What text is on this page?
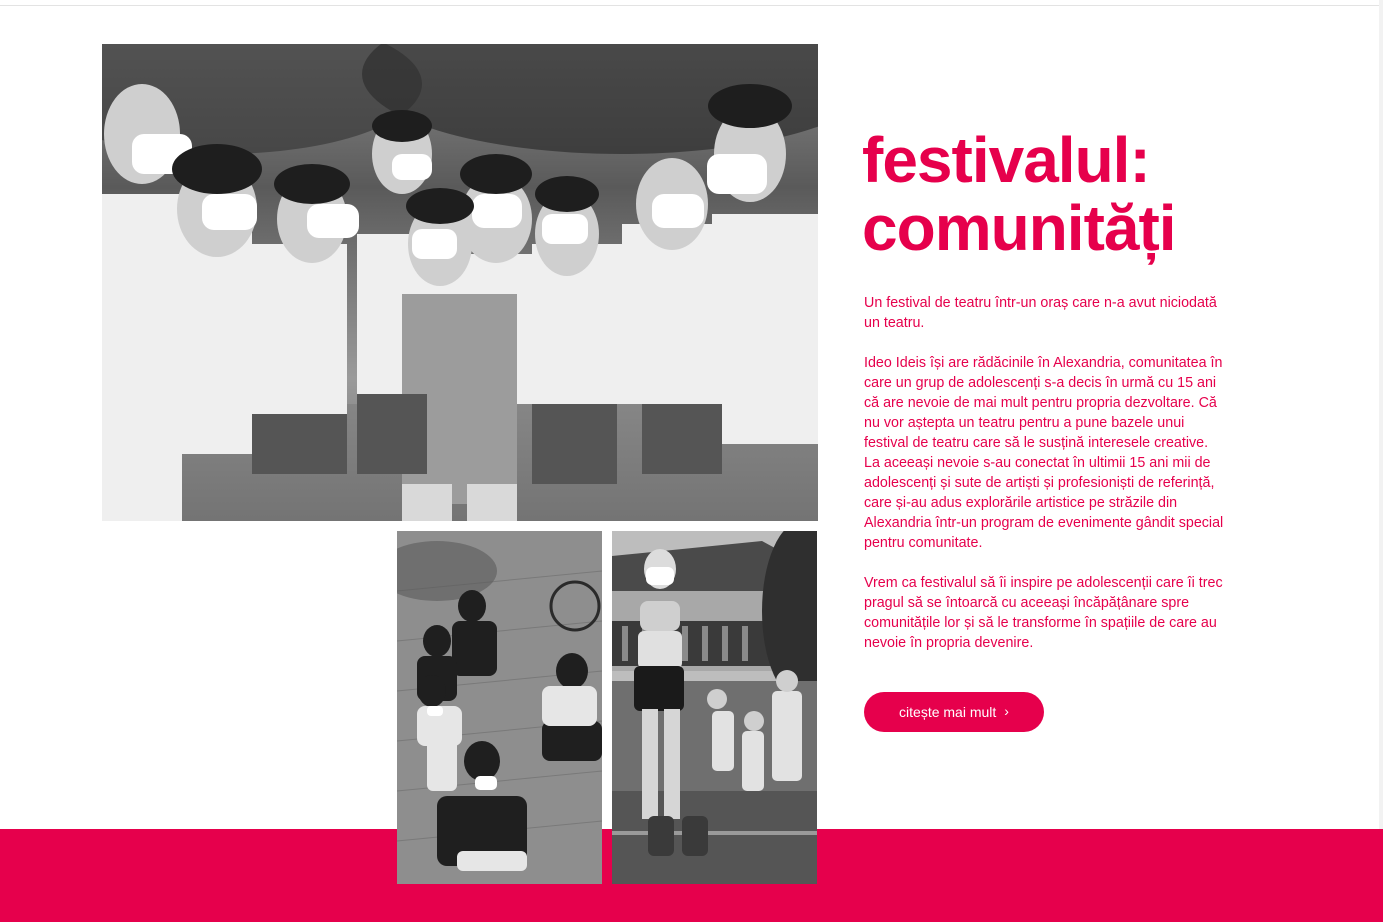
festivalul:
comunități

Un festival de teatru într-un oraș care n-a avut niciodată un teatru.

Ideo Ideis își are rădăcinile în Alexandria, comunitatea în care un grup de adolescenți s-a decis în urmă cu 15 ani că are nevoie de mai mult pentru propria dezvoltare. Că nu vor aștepta un teatru pentru a pune bazele unui festival de teatru care să le susțină interesele creative. La aceeași nevoie s-au conectat în ultimii 15 ani mii de adolescenți și sute de artiști și profesioniști de referință, care și-au adus explorările artistice pe străzile din Alexandria într-un program de evenimente gândit special pentru comunitate.

Vrem ca festivalul să îi inspire pe adolescenții care îi trec pragul să se întoarcă cu aceeași încăpățânare spre comunitățile lor și să le transforme în spațiile de care au nevoie în propria devenire.

citește mai mult ›
